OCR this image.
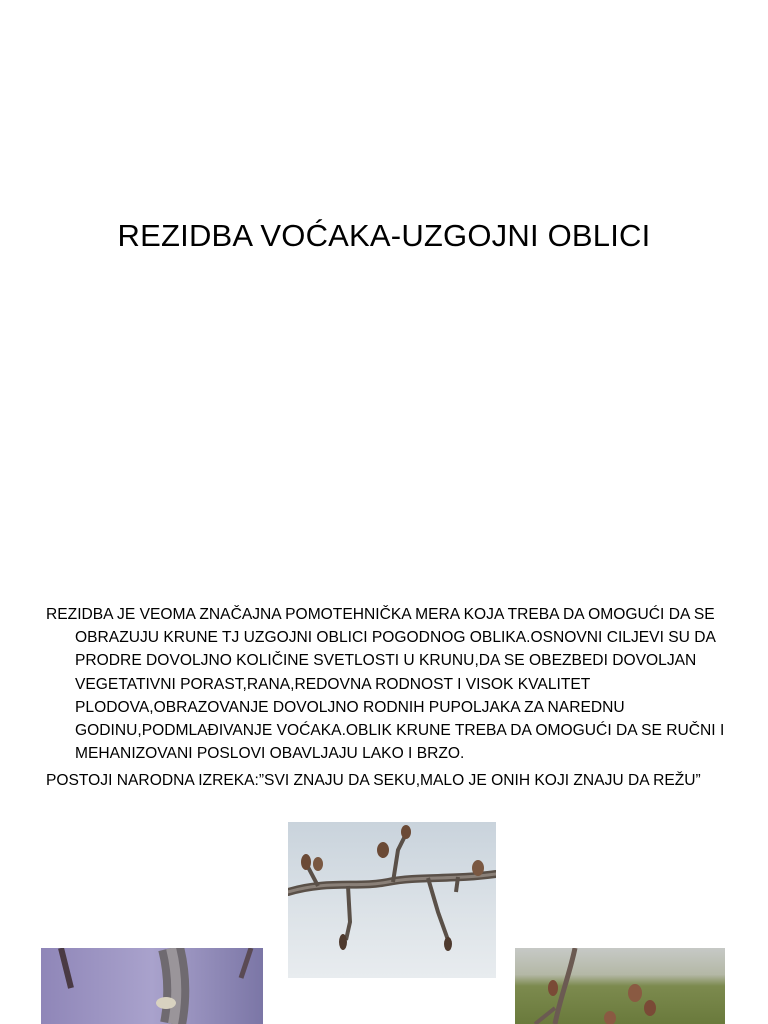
REZIDBA VOĆAKA-UZGOJNI OBLICI

REZIDBA JE VEOMA ZNAČAJNA POMOTEHNIČKA MERA KOJA TREBA DA OMOGUĆI DA SE OBRAZUJU KRUNE TJ UZGOJNI OBLICI POGODNOG OBLIKA.OSNOVNI CILJEVI SU DA PRODRE DOVOLJNO KOLIČINE SVETLOSTI U KRUNU,DA SE OBEZBEDI DOVOLJAN VEGETATIVNI PORAST,RANA,REDOVNA RODNOST I VISOK KVALITET PLODOVA,OBRAZOVANJE DOVOLJNO RODNIH PUPOLJAKA ZA NAREDNU GODINU,PODMLAĐIVANJE VOĆAKA.OBLIK KRUNE TREBA DA OMOGUĆI DA SE RUČNI I MEHANIZOVANI POSLOVI OBAVLJAJU LAKO I BRZO.

POSTOJI NARODNA IZREKA:”SVI ZNAJU DA SEKU,MALO JE ONIH KOJI ZNAJU DA REŽU”
